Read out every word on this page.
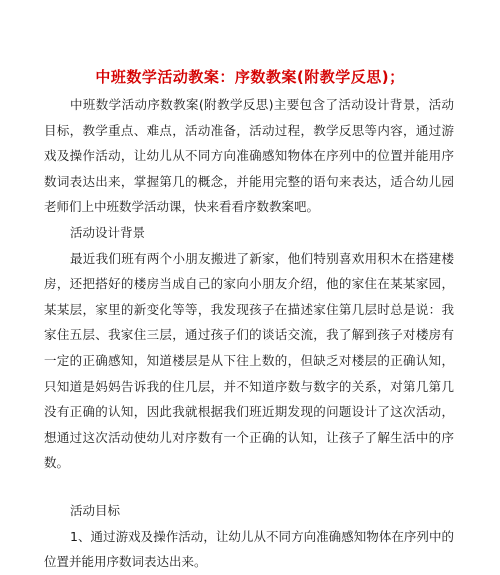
中班数学活动教案：序数教案(附教学反思)；

中班数学活动序数教案(附教学反思)主要包含了活动设计背景，活动目标，教学重点、难点，活动准备，活动过程，教学反思等内容，通过游戏及操作活动，让幼儿从不同方向准确感知物体在序列中的位置并能用序数词表达出来，掌握第几的概念，并能用完整的语句来表达，适合幼儿园老师们上中班数学活动课，快来看看序数教案吧。

活动设计背景

最近我们班有两个小朋友搬进了新家，他们特别喜欢用积木在搭建楼房，还把搭好的楼房当成自己的家向小朋友介绍，他的家住在某某家园，某某层，家里的新变化等等，我发现孩子在描述家住第几层时总是说：我家住五层、我家住三层，通过孩子们的谈话交流，我了解到孩子对楼房有一定的正确感知，知道楼层是从下往上数的，但缺乏对楼层的正确认知，只知道是妈妈告诉我的住几层，并不知道序数与数字的关系，对第几第几没有正确的认知，因此我就根据我们班近期发现的问题设计了这次活动，想通过这次活动使幼儿对序数有一个正确的认知，让孩子了解生活中的序数。

活动目标

1、通过游戏及操作活动，让幼儿从不同方向准确感知物体在序列中的位置并能用序数词表达出来。
